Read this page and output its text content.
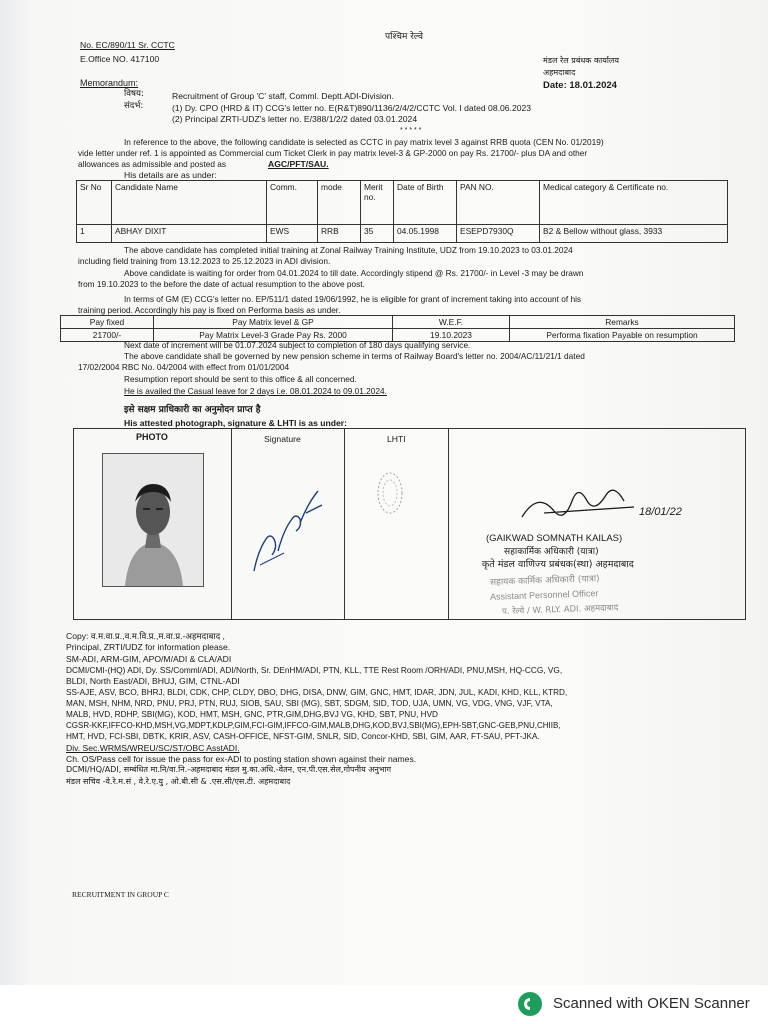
No. EC/890/11 Sr. CCTC
E.Office NO. 417100
पश्चिम रेल्वे
मंडल रेल प्रबंधक कार्यालय
अहमदाबाद
Date: 18.01.2024
Memorandum:
विषय:	Recruitment of Group 'C' staff, Comml. Deptt.ADI-Division.
संदर्भ:	(1) Dy. CPO (HRD & IT) CCG's letter no. E(R&T)890/1136/2/4/2/CCTC Vol. I dated 08.06.2023
(2) Principal ZRTI-UDZ's letter no. E/388/1/2/2 dated 03.01.2024
* * * * *
In reference to the above, the following candidate is selected as CCTC in pay matrix level 3 against RRB quota (CEN No. 01/2019)
vide letter under ref. 1 is appointed as Commercial cum Ticket Clerk in pay matrix level-3 & GP-2000 on pay Rs. 21700/- plus DA and other
allowances as admissible and posted as	AGC/PFT/SAU.
His details are as under:
Sr No	Candidate Name	Comm.	mode	Merit no.	Date of Birth	PAN NO.	Medical category & Certificate no.
1	ABHAY DIXIT	EWS	RRB	35	04.05.1998	ESEPD7930Q	B2 & Bellow without glass, 3933
The above candidate has completed initial training at Zonal Railway Training Institute, UDZ from 19.10.2023 to 03.01.2024
including field training from 13.12.2023 to 25.12.2023 in ADI division.
Above candidate is waiting for order from 04.01.2024 to till date. Accordingly stipend @ Rs. 21700/- in Level -3 may be drawn
from 19.10.2023 to the before the date of actual resumption to the above post.
In terms of GM (E) CCG's letter no. EP/511/1 dated 19/06/1992, he is eligible for grant of increment taking into account of his
training period. Accordingly his pay is fixed on Performa basis as under.
Pay fixed	Pay Matrix level & GP	W.E.F.	Remarks
21700/-	Pay Matrix Level-3 Grade Pay Rs. 2000	19.10.2023	Performa fixation Payable on resumption
Next date of increment will be 01.07.2024 subject to completion of 180 days qualifying service.
The above candidate shall be governed by new pension scheme in terms of Railway Board's letter no. 2004/AC/11/21/1 dated
17/02/2004 RBC No. 04/2004 with effect from 01/01/2004
Resumption report should be sent to this office & all concerned.
He is availed the Casual leave for 2 days i.e. 08.01.2024 to 09.01.2024.
इसे सक्षम प्राधिकारी का अनुमोदन प्राप्त है
His attested photograph, signature & LHTI is as under:
PHOTO	Signature	LHTI
18/01/22
(GAIKWAD SOMNATH KAILAS)
सहाकार्मिक अधिकारी (यात्रा)
कृते मंडल वाणिज्य प्रबंधक(स्था) अहमदाबाद
सहायक कार्मिक अधिकारी (यात्रा)
Assistant Personnel Officer
प. रेल्वे / W. RLY. ADI. अहमदाबाद
Copy: व.म.वा.प्र.,व.म.वि.प्र.,म.वा.प्र.-अहमदाबाद ,
Principal, ZRTI/UDZ for information please.
SM-ADI, ARM-GIM, APO/M/ADI & CLA/ADI
DCMI/CMI-(HQ) ADI, Dy. SS/Comml/ADI, ADI/North, Sr. DEnHM/ADI, PTN, KLL, TTE Rest Room /ORH/ADI, PNU,MSH, HQ-CCG, VG,
BLDI, North East/ADI, BHUJ, GIM, CTNL-ADI
SS-AJE, ASV, BCO, BHRJ, BLDI, CDK, CHP, CLDY, DBO, DHG, DISA, DNW, GIM, GNC, HMT, IDAR, JDN, JUL, KADI, KHD, KLL, KTRD,
MAN, MSH, NHM, NRD, PNU, PRJ, PTN, RUJ, SIOB, SAU, SBI (MG), SBT, SDGM, SID, TOD, UJA, UMN, VG, VDG, VNG, VJF, VTA,
MALB, HVD, RDHP, SBI(MG), KOD, HMT, MSH, GNC, PTR,GIM,DHG,BVJ VG, KHD, SBT, PNU, HVD
CGSR-KKF,IFFCO-KHD,MSH,VG,MDPT,KDLP,GIM,FCI-GIM,IFFCO-GIM,MALB,DHG,KOD,BVJ,SBI(MG),EPH-SBT,GNC-GEB,PNU,CHIIB,
HMT, HVD, FCI-SBI, DBTK, KRIR, ASV, CASH-OFFICE, NFST-GIM, SNLR, SID, Concor-KHD, SBI, GIM, AAR, FT-SAU, PFT-JKA.
Div. Sec.WRMS/WREU/SC/ST/OBC AsstADI.
Ch. OS/Pass cell for issue the pass for ex-ADI to posting station shown against their names.
DCMI/HQ/ADI, सम्बंधित मा.नि/वा.नि.-अहमदाबाद मंडल मु.का.अधि.-वेतन, एन.पी.एस.सेल,गोपनीय अनुभाग
मंडल सचिव -वे.रे.म.सं , वे.रे.ए.यु , ओ.बी.सी & .एस.सी/एस.टी. अहमदाबाद
RECRUITMENT IN GROUP C
Scanned with OKEN Scanner
